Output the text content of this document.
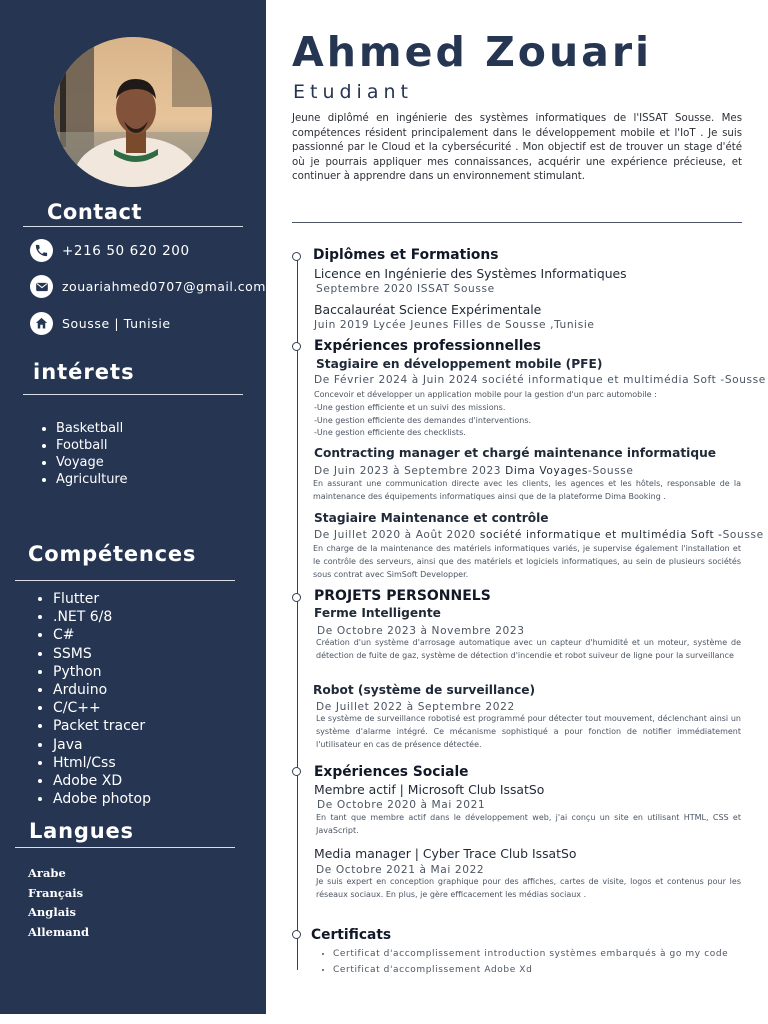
Contact
+216 50 620 200
zouariahmed0707@gmail.com
Sousse | Tunisie
intérets
• Basketball
• Football
• Voyage
• Agriculture
Compétences
• Flutter
• .NET 6/8
• C#
• SSMS
• Python
• Arduino
• C/C++
• Packet tracer
• Java
• Html/Css
• Adobe XD
• Adobe photop
Langues
Arabe
Français
Anglais
Allemand
Ahmed Zouari
Etudiant
Jeune diplômé en ingénierie des systèmes informatiques de l'ISSAT Sousse. Mes compétences résident principalement dans le développement mobile et l'IoT . Je suis passionné par le Cloud et la cybersécurité . Mon objectif est de trouver un stage d'été où je pourrais appliquer mes connaissances, acquérir une expérience précieuse, et continuer à apprendre dans un environnement stimulant.
Diplômes et Formations
Licence en Ingénierie des Systèmes Informatiques
Septembre 2020 ISSAT Sousse
Baccalauréat Science Expérimentale
Juin 2019 Lycée Jeunes Filles de Sousse ,Tunisie
Expériences professionnelles
Stagiaire en développement mobile (PFE)
De Février 2024 à Juin 2024 société informatique et multimédia Soft -Sousse
Concevoir et développer un application mobile pour la gestion d'un parc automobile :
-Une gestion efficiente et un suivi des missions.
-Une gestion efficiente des demandes d'interventions.
-Une gestion efficiente des checklists.
Contracting manager et chargé maintenance informatique
De Juin 2023 à Septembre 2023 Dima Voyages-Sousse
En assurant une communication directe avec les clients, les agences et les hôtels, responsable de la maintenance des équipements informatiques ainsi que de la plateforme Dima Booking .
Stagiaire Maintenance et contrôle
De Juillet 2020 à Août 2020 société informatique et multimédia Soft -Sousse
En charge de la maintenance des matériels informatiques variés, je supervise également l'installation et le contrôle des serveurs, ainsi que des matériels et logiciels informatiques, au sein de plusieurs sociétés sous contrat avec SimSoft Developper.
PROJETS PERSONNELS
Ferme Intelligente
De Octobre 2023 à Novembre 2023
Création d'un système d'arrosage automatique avec un capteur d'humidité et un moteur, système de détection de fuite de gaz, système de détection d'incendie et robot suiveur de ligne pour la surveillance
Robot (système de surveillance)
De Juillet 2022 à Septembre 2022
Le système de surveillance robotisé est programmé pour détecter tout mouvement, déclenchant ainsi un système d'alarme intégré. Ce mécanisme sophistiqué a pour fonction de notifier immédiatement l'utilisateur en cas de présence détectée.
Expériences Sociale
Membre actif | Microsoft Club IssatSo
De Octobre 2020 à Mai 2021
En tant que membre actif dans le développement web, j'ai conçu un site en utilisant HTML, CSS et JavaScript.
Media manager | Cyber Trace Club IssatSo
De Octobre 2021 à Mai 2022
Je suis expert en conception graphique pour des affiches, cartes de visite, logos et contenus pour les réseaux sociaux. En plus, je gère efficacement les médias sociaux .
Certificats
• Certificat d'accomplissement introduction systèmes embarqués à go my code
• Certificat d'accomplissement Adobe Xd
